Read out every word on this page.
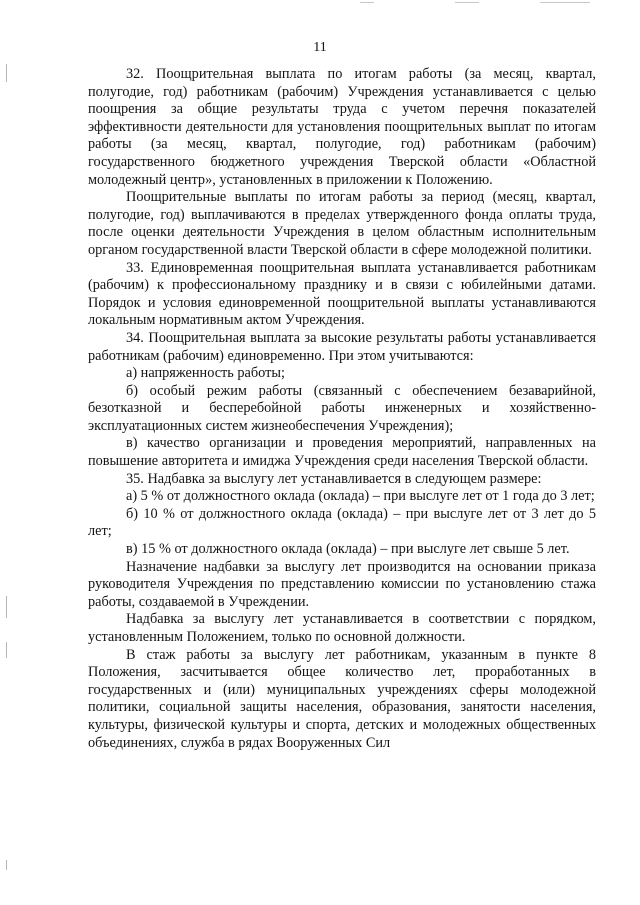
11

32. Поощрительная выплата по итогам работы (за месяц, квартал, полугодие, год) работникам (рабочим) Учреждения устанавливается с целью поощрения за общие результаты труда с учетом перечня показателей эффективности деятельности для установления поощрительных выплат по итогам работы (за месяц, квартал, полугодие, год) работникам (рабочим) государственного бюджетного учреждения Тверской области «Областной молодежный центр», установленных в приложении к Положению.

Поощрительные выплаты по итогам работы за период (месяц, квартал, полугодие, год) выплачиваются в пределах утвержденного фонда оплаты труда, после оценки деятельности Учреждения в целом областным исполнительным органом государственной власти Тверской области в сфере молодежной политики.

33. Единовременная поощрительная выплата устанавливается работникам (рабочим) к профессиональному празднику и в связи с юбилейными датами. Порядок и условия единовременной поощрительной выплаты устанавливаются локальным нормативным актом Учреждения.

34. Поощрительная выплата за высокие результаты работы устанавливается работникам (рабочим) единовременно. При этом учитываются:

а) напряженность работы;

б) особый режим работы (связанный с обеспечением безаварийной, безотказной и бесперебойной работы инженерных и хозяйственно-эксплуатационных систем жизнеобеспечения Учреждения);

в) качество организации и проведения мероприятий, направленных на повышение авторитета и имиджа Учреждения среди населения Тверской области.

35. Надбавка за выслугу лет устанавливается в следующем размере:

а) 5 % от должностного оклада (оклада) – при выслуге лет от 1 года до 3 лет;

б) 10 % от должностного оклада (оклада) – при выслуге лет от 3 лет до 5 лет;

в) 15 % от должностного оклада (оклада) – при выслуге лет свыше 5 лет.

Назначение надбавки за выслугу лет производится на основании приказа руководителя Учреждения по представлению комиссии по установлению стажа работы, создаваемой в Учреждении.

Надбавка за выслугу лет устанавливается в соответствии с порядком, установленным Положением, только по основной должности.

В стаж работы за выслугу лет работникам, указанным в пункте 8 Положения, засчитывается общее количество лет, проработанных в государственных и (или) муниципальных учреждениях сферы молодежной политики, социальной защиты населения, образования, занятости населения, культуры, физической культуры и спорта, детских и молодежных общественных объединениях, служба в рядах Вооруженных Сил
